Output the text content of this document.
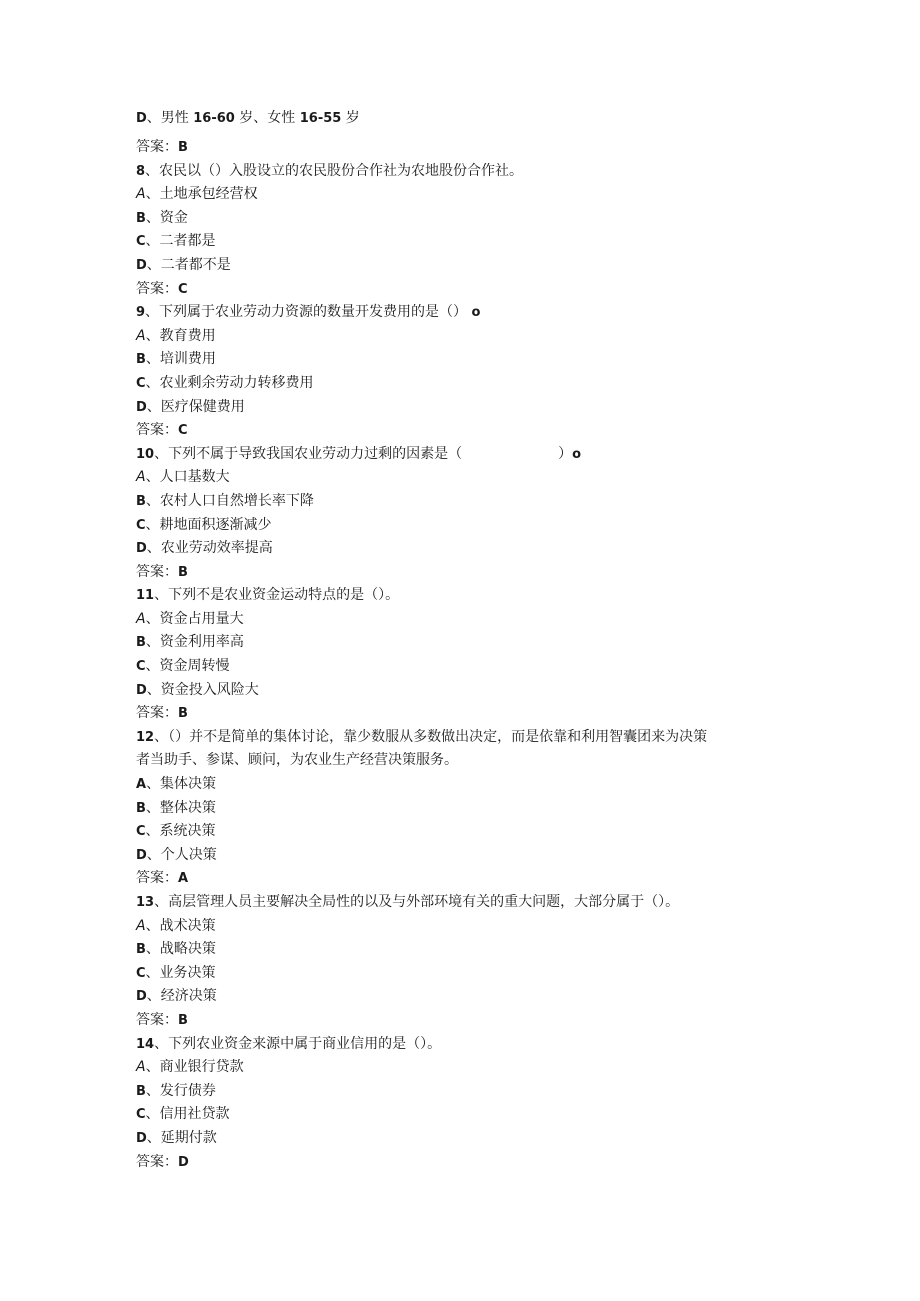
D、男性 16-60 岁、女性 16-55 岁
答案：B
8、农民以（）入股设立的农民股份合作社为农地股份合作社。
A、土地承包经营权
B、资金
C、二者都是
D、二者都不是
答案：C
9、下列属于农业劳动力资源的数量开发费用的是（） o
A、教育费用
B、培训费用
C、农业剩余劳动力转移费用
D、医疗保健费用
答案：C
10、下列不属于导致我国农业劳动力过剩的因素是（	）o
A、人口基数大
B、农村人口自然增长率下降
C、耕地面积逐渐减少
D、农业劳动效率提高
答案：B
11、下列不是农业资金运动特点的是（）。
A、资金占用量大
B、资金利用率高
C、资金周转慢
D、资金投入风险大
答案：B
12、（）并不是简单的集体讨论，靠少数服从多数做出决定，而是依靠和利用智囊团来为决策
者当助手、参谋、顾问，为农业生产经营决策服务。
A、集体决策
B、整体决策
C、系统决策
D、个人决策
答案：A
13、高层管理人员主要解决全局性的以及与外部环境有关的重大问题，大部分属于（）。
A、战术决策
B、战略决策
C、业务决策
D、经济决策
答案：B
14、下列农业资金来源中属于商业信用的是（）。
A、商业银行贷款
B、发行债券
C、信用社贷款
D、延期付款
答案：D
